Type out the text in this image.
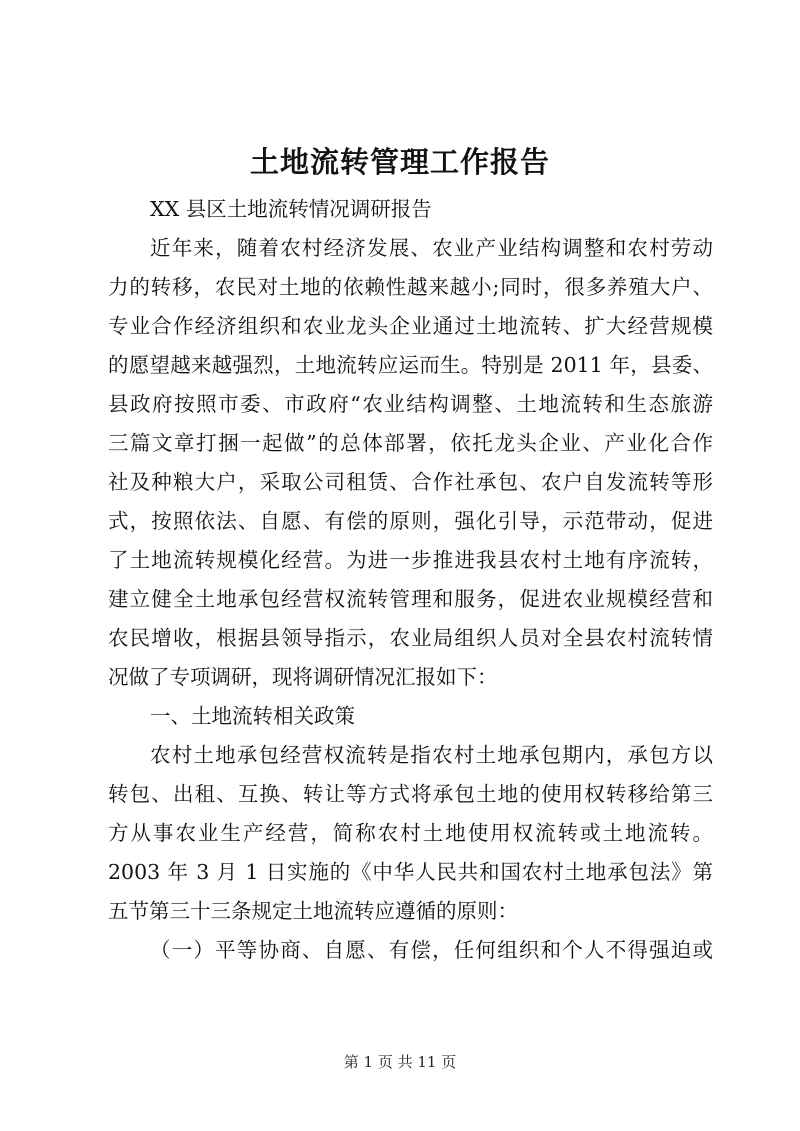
土地流转管理工作报告
XX 县区土地流转情况调研报告
近年来，随着农村经济发展、农业产业结构调整和农村劳动
力的转移，农民对土地的依赖性越来越小;同时，很多养殖大户、
专业合作经济组织和农业龙头企业通过土地流转、扩大经营规模
的愿望越来越强烈，土地流转应运而生。特别是 2011 年，县委、
县政府按照市委、市政府“农业结构调整、土地流转和生态旅游
三篇文章打捆一起做”的总体部署，依托龙头企业、产业化合作
社及种粮大户，采取公司租赁、合作社承包、农户自发流转等形
式，按照依法、自愿、有偿的原则，强化引导，示范带动，促进
了土地流转规模化经营。为进一步推进我县农村土地有序流转，
建立健全土地承包经营权流转管理和服务，促进农业规模经营和
农民增收，根据县领导指示，农业局组织人员对全县农村流转情
况做了专项调研，现将调研情况汇报如下：
一、土地流转相关政策
农村土地承包经营权流转是指农村土地承包期内，承包方以
转包、出租、互换、转让等方式将承包土地的使用权转移给第三
方从事农业生产经营，简称农村土地使用权流转或土地流转。
2003 年 3 月 1 日实施的《中华人民共和国农村土地承包法》第
五节第三十三条规定土地流转应遵循的原则：
（一）平等协商、自愿、有偿，任何组织和个人不得强迫或
第 1 页 共 11 页
